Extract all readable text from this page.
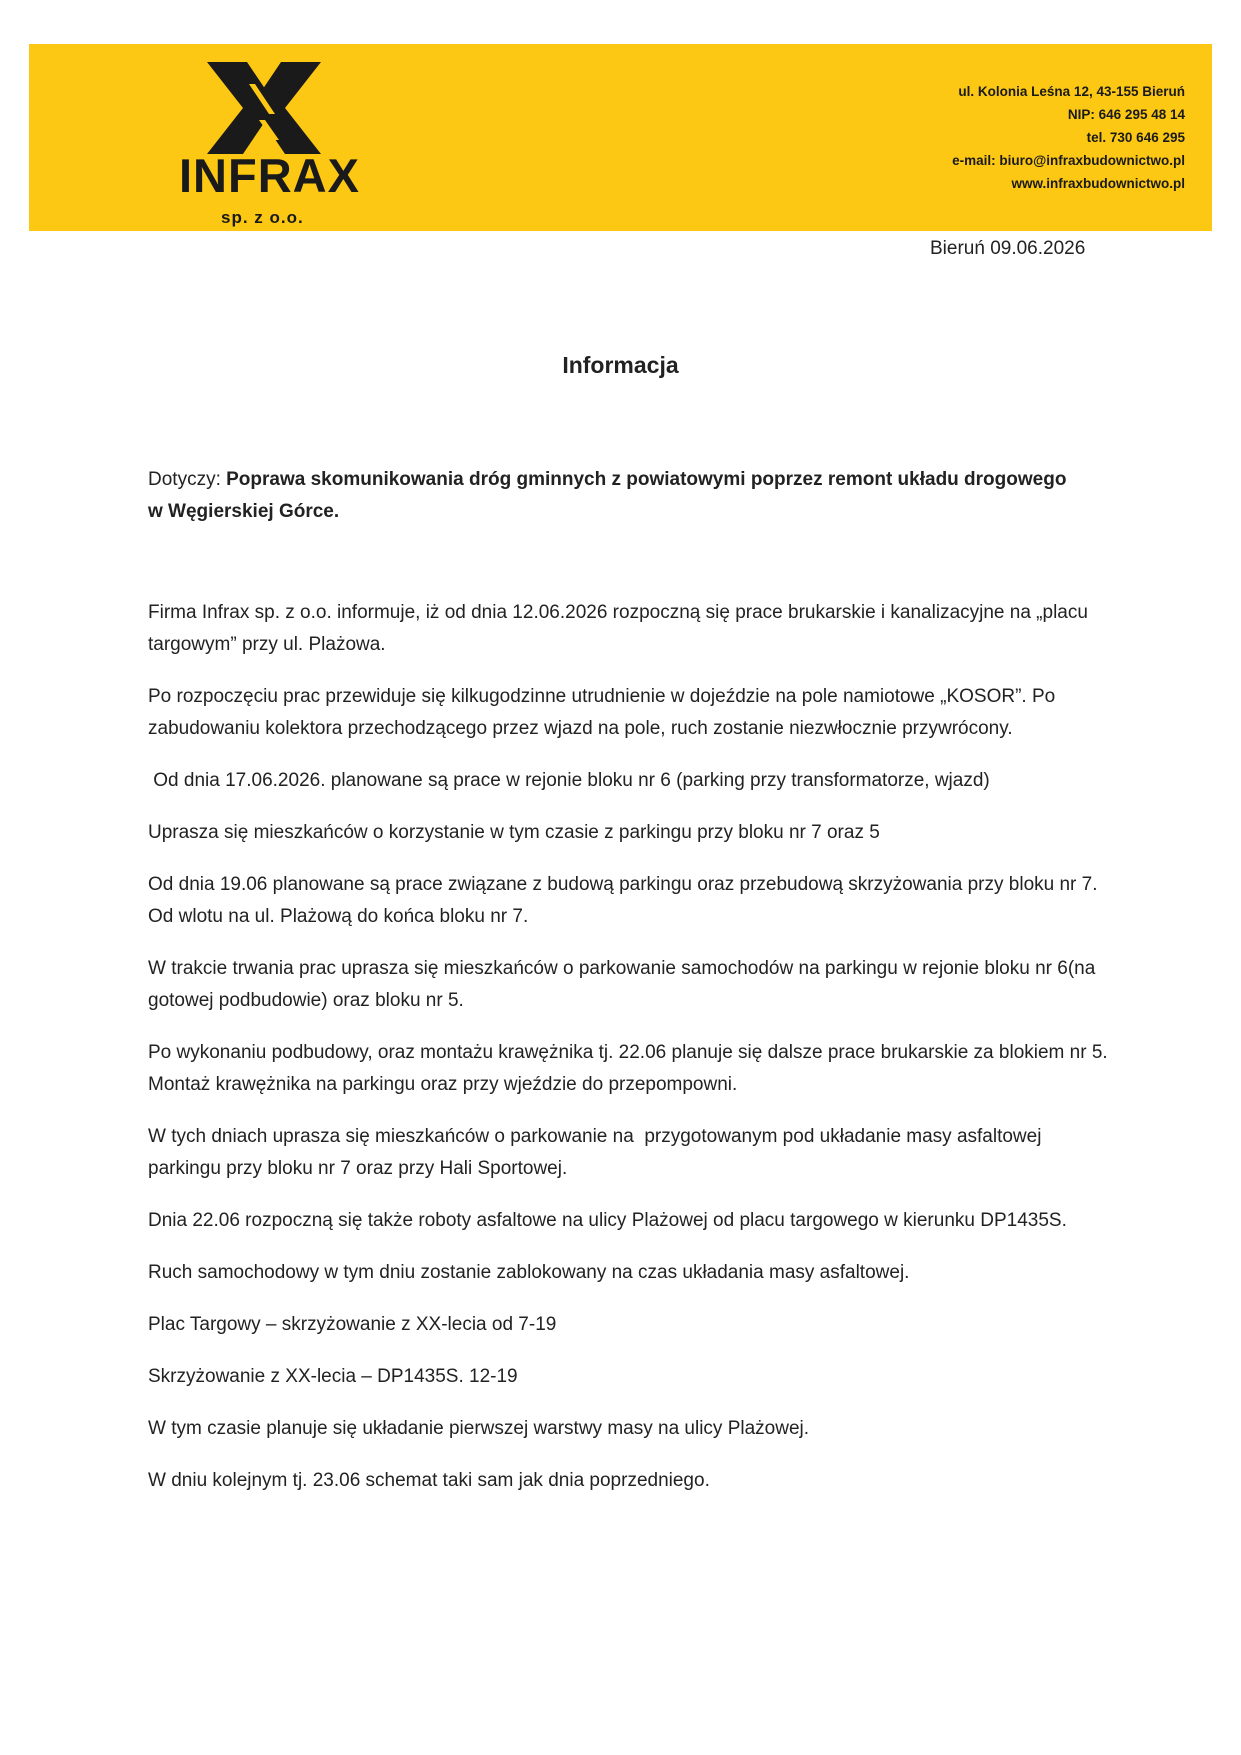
INFRAX
sp. z o.o.
ul. Kolonia Leśna 12, 43-155 Bieruń
NIP: 646 295 48 14
tel. 730 646 295
e-mail: biuro@infraxbudownictwo.pl
www.infraxbudownictwo.pl
Bieruń 09.06.2026
Informacja
Dotyczy: Poprawa skomunikowania dróg gminnych z powiatowymi poprzez remont układu drogowego w Węgierskiej Górce.

Firma Infrax sp. z o.o. informuje, iż od dnia 12.06.2026 rozpoczną się prace brukarskie i kanalizacyjne na „placu targowym” przy ul. Plażowa.

Po rozpoczęciu prac przewiduje się kilkugodzinne utrudnienie w dojeździe na pole namiotowe „KOSOR”. Po zabudowaniu kolektora przechodzącego przez wjazd na pole, ruch zostanie niezwłocznie przywrócony.

Od dnia 17.06.2026. planowane są prace w rejonie bloku nr 6 (parking przy transformatorze, wjazd)

Uprasza się mieszkańców o korzystanie w tym czasie z parkingu przy bloku nr 7 oraz 5

Od dnia 19.06 planowane są prace związane z budową parkingu oraz przebudową skrzyżowania przy bloku nr 7.  Od wlotu na ul. Plażową do końca bloku nr 7.

W trakcie trwania prac uprasza się mieszkańców o parkowanie samochodów na parkingu w rejonie bloku nr 6(na gotowej podbudowie) oraz bloku nr 5.

Po wykonaniu podbudowy, oraz montażu krawężnika tj. 22.06 planuje się dalsze prace brukarskie za blokiem nr 5. Montaż krawężnika na parkingu oraz przy wjeździe do przepompowni.

W tych dniach uprasza się mieszkańców o parkowanie na  przygotowanym pod układanie masy asfaltowej parkingu przy bloku nr 7 oraz przy Hali Sportowej.

Dnia 22.06 rozpoczną się także roboty asfaltowe na ulicy Plażowej od placu targowego w kierunku DP1435S.

Ruch samochodowy w tym dniu zostanie zablokowany na czas układania masy asfaltowej.

Plac Targowy – skrzyżowanie z XX-lecia od 7-19

Skrzyżowanie z XX-lecia – DP1435S. 12-19

W tym czasie planuje się układanie pierwszej warstwy masy na ulicy Plażowej.

W dniu kolejnym tj. 23.06 schemat taki sam jak dnia poprzedniego.
